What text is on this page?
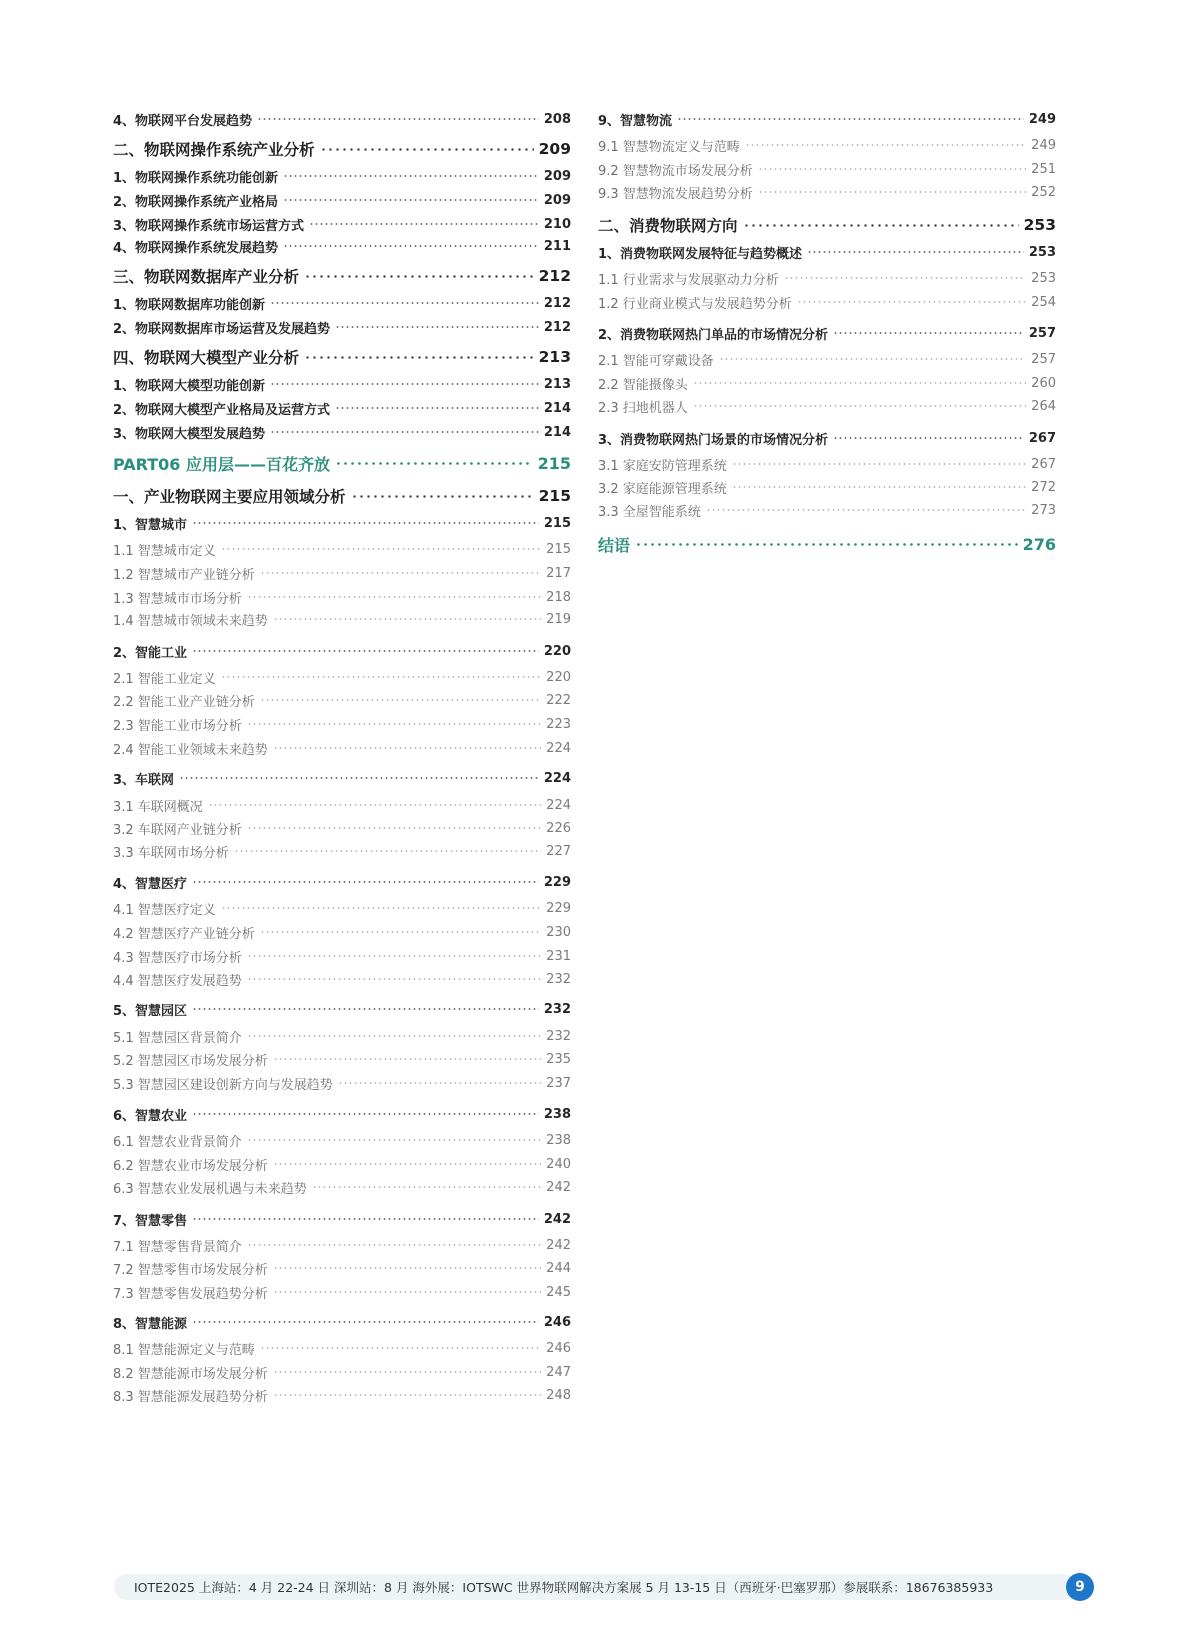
4、物联网平台发展趋势	208
二、物联网操作系统产业分析	209
1、物联网操作系统功能创新	209
2、物联网操作系统产业格局	209
3、物联网操作系统市场运营方式	210
4、物联网操作系统发展趋势	211
三、物联网数据库产业分析	212
1、物联网数据库功能创新	212
2、物联网数据库市场运营及发展趋势	212
四、物联网大模型产业分析	213
1、物联网大模型功能创新	213
2、物联网大模型产业格局及运营方式	214
3、物联网大模型发展趋势	214
PART06 应用层——百花齐放	215
一、产业物联网主要应用领域分析	215
1、智慧城市	215
1.1 智慧城市定义	215
1.2 智慧城市产业链分析	217
1.3 智慧城市市场分析	218
1.4 智慧城市领域未来趋势	219
2、智能工业	220
2.1 智能工业定义	220
2.2 智能工业产业链分析	222
2.3 智能工业市场分析	223
2.4 智能工业领域未来趋势	224
3、车联网	224
3.1 车联网概况	224
3.2 车联网产业链分析	226
3.3 车联网市场分析	227
4、智慧医疗	229
4.1 智慧医疗定义	229
4.2 智慧医疗产业链分析	230
4.3 智慧医疗市场分析	231
4.4 智慧医疗发展趋势	232
5、智慧园区	232
5.1 智慧园区背景简介	232
5.2 智慧园区市场发展分析	235
5.3 智慧园区建设创新方向与发展趋势	237
6、智慧农业	238
6.1 智慧农业背景简介	238
6.2 智慧农业市场发展分析	240
6.3 智慧农业发展机遇与未来趋势	242
7、智慧零售	242
7.1 智慧零售背景简介	242
7.2 智慧零售市场发展分析	244
7.3 智慧零售发展趋势分析	245
8、智慧能源	246
8.1 智慧能源定义与范畴	246
8.2 智慧能源市场发展分析	247
8.3 智慧能源发展趋势分析	248
9、智慧物流	249
9.1 智慧物流定义与范畴	249
9.2 智慧物流市场发展分析	251
9.3 智慧物流发展趋势分析	252
二、消费物联网方向	253
1、消费物联网发展特征与趋势概述	253
1.1 行业需求与发展驱动力分析	253
1.2 行业商业模式与发展趋势分析	254
2、消费物联网热门单品的市场情况分析	257
2.1 智能可穿戴设备	257
2.2 智能摄像头	260
2.3 扫地机器人	264
3、消费物联网热门场景的市场情况分析	267
3.1 家庭安防管理系统	267
3.2 家庭能源管理系统	272
3.3 全屋智能系统	273
结语	276
IOTE2025 上海站：4 月 22-24 日 深圳站：8 月 海外展：IOTSWC 世界物联网解决方案展 5 月 13-15 日（西班牙·巴塞罗那）参展联系：18676385933	9
